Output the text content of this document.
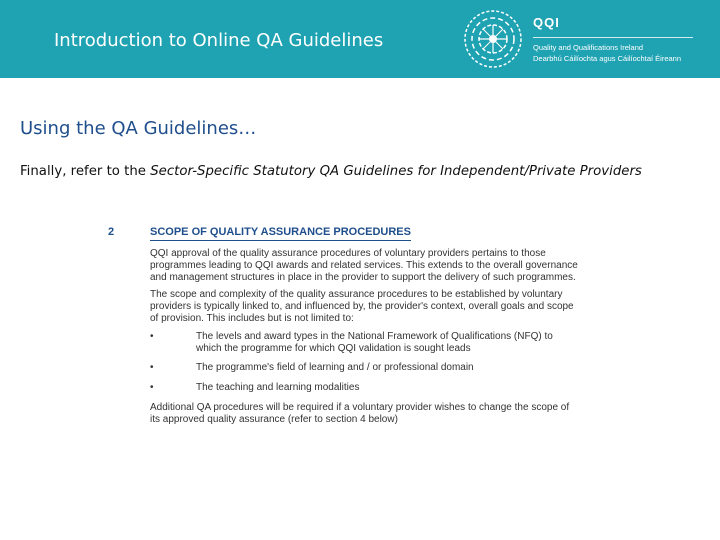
Introduction to Online QA Guidelines
QQI
Quality and Qualifications Ireland
Dearbhú Cáilíochta agus Cáilíochtaí Éireann
Using the QA Guidelines…
Finally, refer to the Sector-Specific Statutory QA Guidelines for Independent/Private Providers
2	SCOPE OF QUALITY ASSURANCE PROCEDURES

QQI approval of the quality assurance procedures of voluntary providers pertains to those programmes leading to QQI awards and related services. This extends to the overall governance and management structures in place in the provider to support the delivery of such programmes.

The scope and complexity of the quality assurance procedures to be established by voluntary providers is typically linked to, and influenced by, the provider's context, overall goals and scope of provision. This includes but is not limited to:

•	The levels and award types in the National Framework of Qualifications (NFQ) to which the programme for which QQI validation is sought leads
•	The programme's field of learning and / or professional domain
•	The teaching and learning modalities

Additional QA procedures will be required if a voluntary provider wishes to change the scope of its approved quality assurance (refer to section 4 below)
